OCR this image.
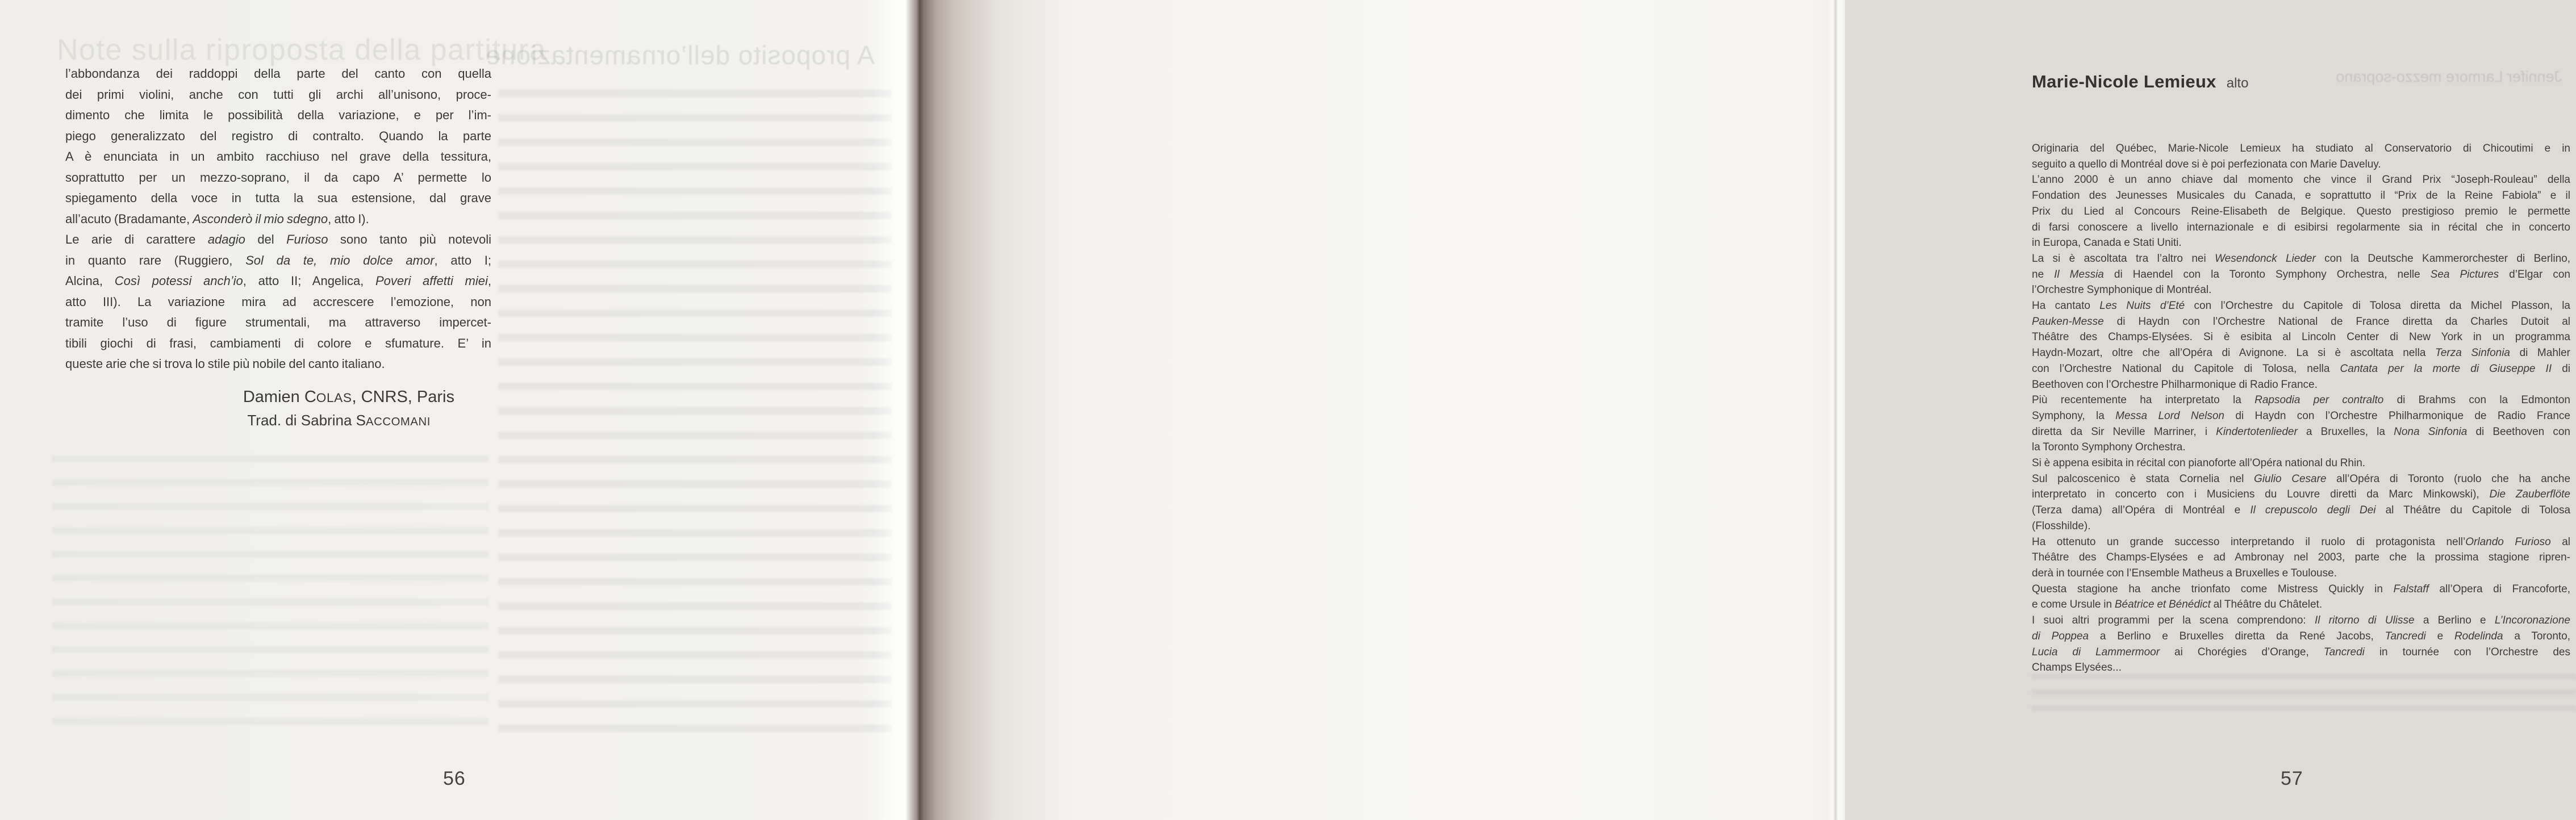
Note sulla riproposta della partitura
A proposito dell’ornamentazione
l’abbondanza dei raddoppi della parte del canto con quella
dei primi violini, anche con tutti gli archi all’unisono, proce-
dimento che limita le possibilità della variazione, e per l’im-
piego generalizzato del registro di contralto. Quando la parte
A è enunciata in un ambito racchiuso nel grave della tessitura,
soprattutto per un mezzo-soprano, il da capo A’ permette lo
spiegamento della voce in tutta la sua estensione, dal grave
all’acuto (Bradamante, Asconderò il mio sdegno, atto I).
Le arie di carattere adagio del Furioso sono tanto più notevoli
in quanto rare (Ruggiero, Sol da te, mio dolce amor, atto I;
Alcina, Così potessi anch’io, atto II; Angelica, Poveri affetti miei,
atto III). La variazione mira ad accrescere l’emozione, non
tramite l’uso di figure strumentali, ma attraverso impercet-
tibili giochi di frasi, cambiamenti di colore e sfumature. E’ in
queste arie che si trova lo stile più nobile del canto italiano.
Damien COLAS, CNRS, Paris
Trad. di Sabrina SACCOMANI
56
Marie-Nicole Lemieux alto	Jennifer Larmore mezzo-soprano
Originaria del Québec, Marie-Nicole Lemieux ha studiato al Conservatorio di Chicoutimi e in
seguito a quello di Montréal dove si è poi perfezionata con Marie Daveluy.
L’anno 2000 è un anno chiave dal momento che vince il Grand Prix “Joseph-Rouleau” della
Fondation des Jeunesses Musicales du Canada, e soprattutto il “Prix de la Reine Fabiola” e il
Prix du Lied al Concours Reine-Elisabeth de Belgique. Questo prestigioso premio le permette
di farsi conoscere a livello internazionale e di esibirsi regolarmente sia in récital che in concerto
in Europa, Canada e Stati Uniti.
La si è ascoltata tra l’altro nei Wesendonck Lieder con la Deutsche Kammerorchester di Berlino,
ne Il Messia di Haendel con la Toronto Symphony Orchestra, nelle Sea Pictures d’Elgar con
l’Orchestre Symphonique di Montréal.
Ha cantato Les Nuits d’Eté con l’Orchestre du Capitole di Tolosa diretta da Michel Plasson, la
Pauken-Messe di Haydn con l’Orchestre National de France diretta da Charles Dutoit al
Théâtre des Champs-Elysées. Si è esibita al Lincoln Center di New York in un programma
Haydn-Mozart, oltre che all’Opéra di Avignone. La si è ascoltata nella Terza Sinfonia di Mahler
con l’Orchestre National du Capitole di Tolosa, nella Cantata per la morte di Giuseppe II di
Beethoven con l’Orchestre Philharmonique di Radio France.
Più recentemente ha interpretato la Rapsodia per contralto di Brahms con la Edmonton
Symphony, la Messa Lord Nelson di Haydn con l’Orchestre Philharmonique de Radio France
diretta da Sir Neville Marriner, i Kindertotenlieder a Bruxelles, la Nona Sinfonia di Beethoven con
la Toronto Symphony Orchestra.
Si è appena esibita in récital con pianoforte all’Opéra national du Rhin.
Sul palcoscenico è stata Cornelia nel Giulio Cesare all’Opéra di Toronto (ruolo che ha anche
interpretato in concerto con i Musiciens du Louvre diretti da Marc Minkowski), Die Zauberflöte
(Terza dama) all’Opéra di Montréal e Il crepuscolo degli Dei al Théâtre du Capitole di Tolosa
(Flosshilde).
Ha ottenuto un grande successo interpretando il ruolo di protagonista nell’Orlando Furioso al
Théâtre des Champs-Elysées e ad Ambronay nel 2003, parte che la prossima stagione ripren-
derà in tournée con l’Ensemble Matheus a Bruxelles e Toulouse.
Questa stagione ha anche trionfato come Mistress Quickly in Falstaff all’Opera di Francoforte,
e come Ursule in Béatrice et Bénédict al Théâtre du Châtelet.
I suoi altri programmi per la scena comprendono: Il ritorno di Ulisse a Berlino e L’Incoronazione
di Poppea a Berlino e Bruxelles diretta da René Jacobs, Tancredi e Rodelinda a Toronto,
Lucia di Lammermoor ai Chorégies d’Orange, Tancredi in tournée con l’Orchestre des
Champs Elysées...
57
